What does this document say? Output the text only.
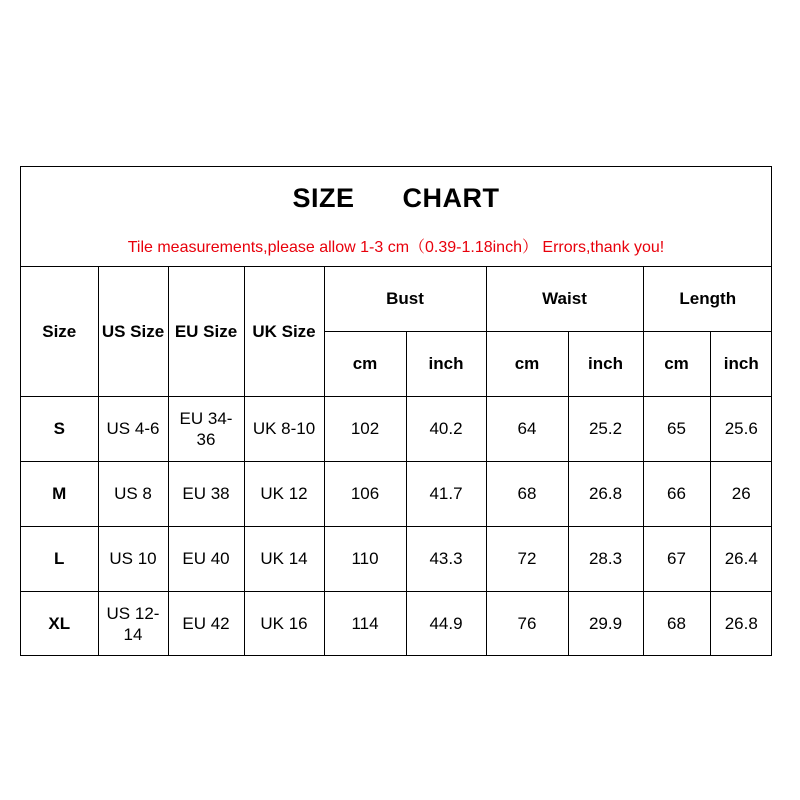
SIZE CHART
Tile measurements,please allow 1-3 cm（0.39-1.18inch） Errors,thank you!
Size	US Size	EU Size	UK Size	Bust		Waist		Length	
				cm	inch	cm	inch	cm	inch
S	US 4-6	EU 34-36	UK 8-10	102	40.2	64	25.2	65	25.6
M	US 8	EU 38	UK 12	106	41.7	68	26.8	66	26
L	US 10	EU 40	UK 14	110	43.3	72	28.3	67	26.4
XL	US 12-14	EU 42	UK 16	114	44.9	76	29.9	68	26.8
